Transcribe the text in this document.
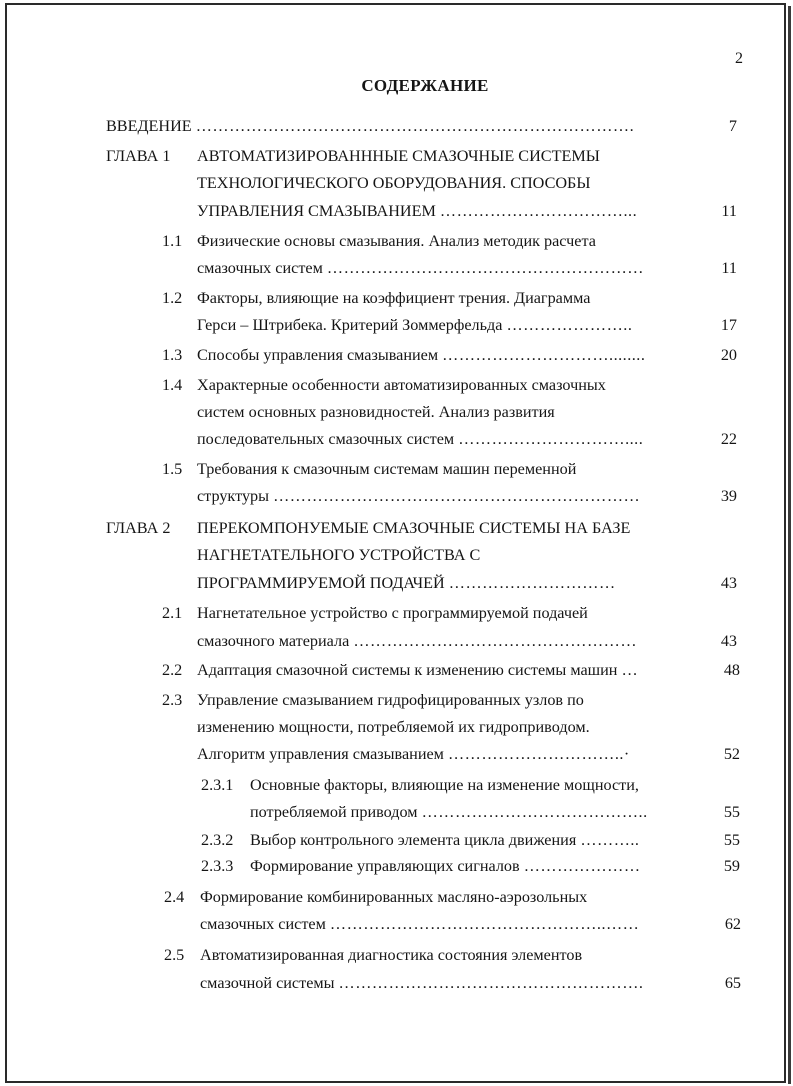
2
СОДЕРЖАНИЕ
ВВЕДЕНИЕ …………………………………………………………………….	7
ГЛАВА 1 АВТОМАТИЗИРОВАНННЫЕ СМАЗОЧНЫЕ СИСТЕМЫ
ТЕХНОЛОГИЧЕСКОГО ОБОРУДОВАНИЯ. СПОСОБЫ
УПРАВЛЕНИЯ СМАЗЫВАНИЕМ ……………………………...	11
1.1 Физические основы смазывания. Анализ методик расчета
смазочных систем …………………………………………………	11
1.2 Факторы, влияющие на коэффициент трения. Диаграмма
Герси – Штрибека. Критерий Зоммерфельда …………………..	17
1.3 Способы управления смазыванием …………………………........	20
1.4 Характерные особенности автоматизированных смазочных
систем основных разновидностей. Анализ развития
последовательных смазочных систем …………………………....	22
1.5 Требования к смазочным системам машин переменной
структуры …………………………………………………………	39
ГЛАВА 2 ПЕРЕКОМПОНУЕМЫЕ СМАЗОЧНЫЕ СИСТЕМЫ НА БАЗЕ
НАГНЕТАТЕЛЬНОГО УСТРОЙСТВА С
ПРОГРАММИРУЕМОЙ ПОДАЧЕЙ …………………………	43
2.1 Нагнетательное устройство с программируемой подачей
смазочного материала ……………………………………………	43
2.2 Адаптация смазочной системы к изменению системы машин …	48
2.3 Управление смазыванием гидрофицированных узлов по
изменению мощности, потребляемой их гидроприводом.
Алгоритм управления смазыванием …………………………..·	52
2.3.1 Основные факторы, влияющие на изменение мощности,
потребляемой приводом …………………………………..	55
2.3.2 Выбор контрольного элемента цикла движения ………..	55
2.3.3 Формирование управляющих сигналов …………………	59
2.4 Формирование комбинированных масляно-аэрозольных
смазочных систем …………………………………………..……	62
2.5 Автоматизированная диагностика состояния элементов
смазочной системы ……………………………………………….	65
